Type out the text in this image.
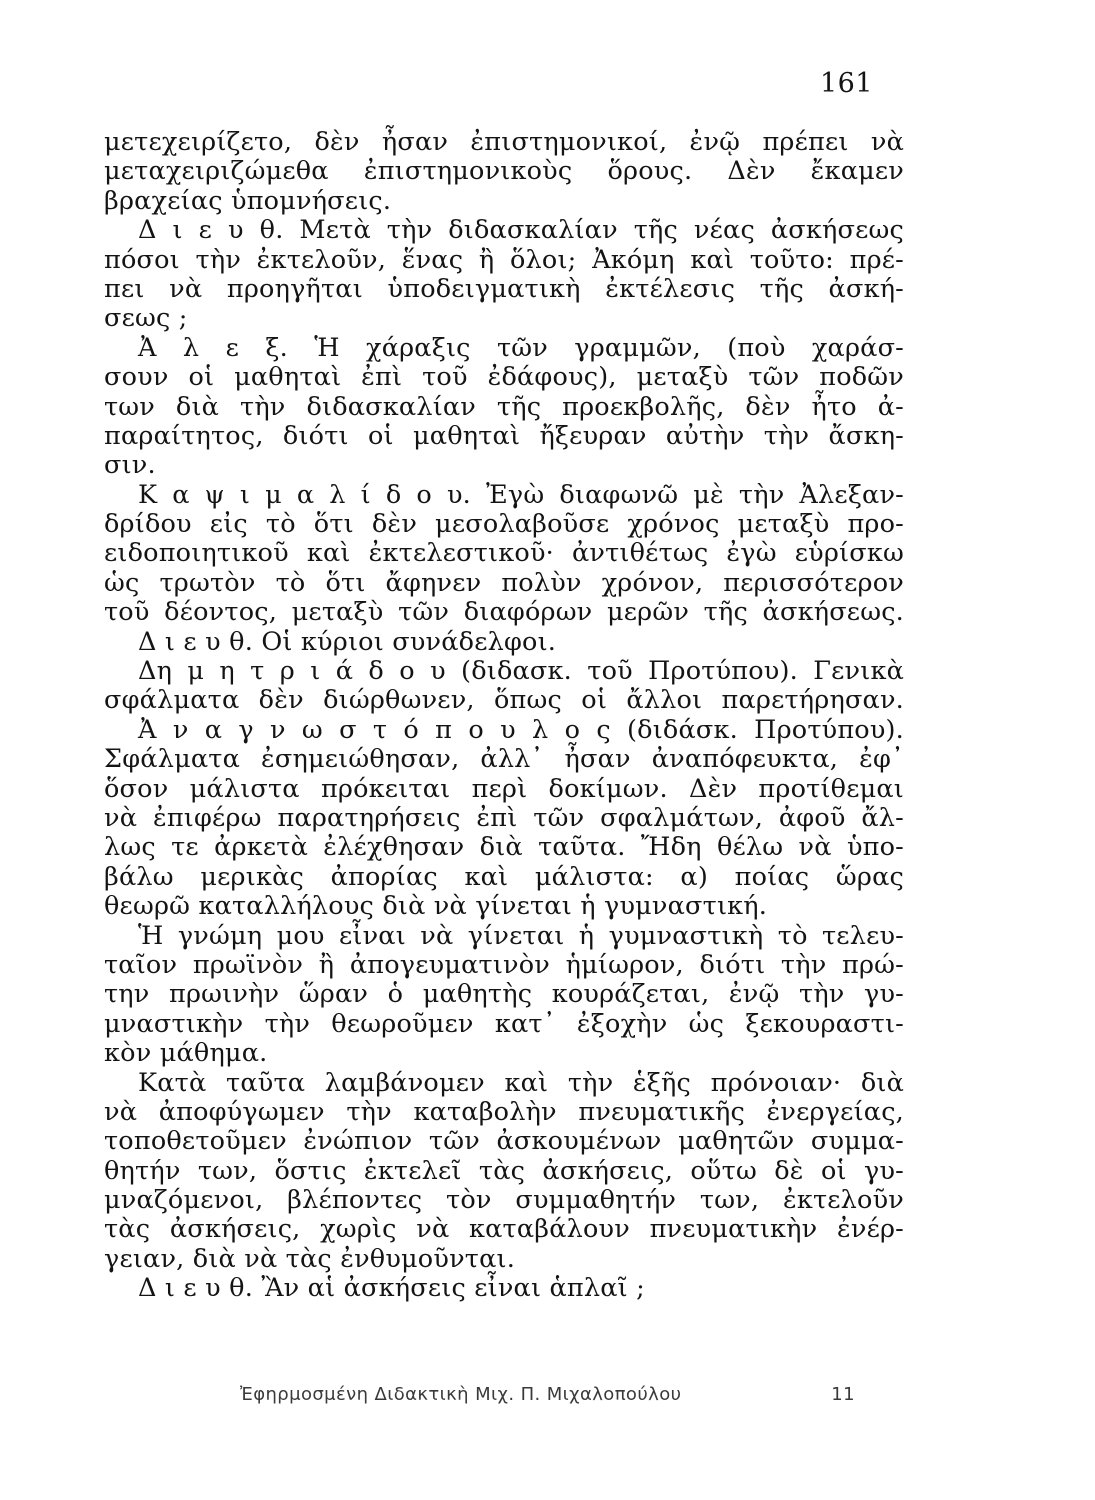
161
μετεχειρίζετο, δὲν ἦσαν ἐπιστημονικοί, ἐνῷ πρέπει νὰ
μεταχειριζώμεθα ἐπιστημονικοὺς ὅρους. Δὲν ἔκαμεν
βραχείας ὑπομνήσεις.
Δ ι ε υ θ. Μετὰ τὴν διδασκαλίαν τῆς νέας ἀσκήσεως
πόσοι τὴν ἐκτελοῦν, ἕνας ἢ ὅλοι; Ἀκόμη καὶ τοῦτο: πρέ-
πει νὰ προηγῆται ὑποδειγματικὴ ἐκτέλεσις τῆς ἀσκή-
σεως ;
Ἀ λ ε ξ. Ἡ χάραξις τῶν γραμμῶν, (ποὺ χαράσ-
σουν οἱ μαθηταὶ ἐπὶ τοῦ ἐδάφους), μεταξὺ τῶν ποδῶν
των διὰ τὴν διδασκαλίαν τῆς προεκβολῆς, δὲν ἦτο ἀ-
παραίτητος, διότι οἱ μαθηταὶ ἤξευραν αὐτὴν τὴν ἄσκη-
σιν.
Κ α ψ ι μ α λ ί δ ο υ. Ἐγὼ διαφωνῶ μὲ τὴν Ἀλεξαν-
δρίδου εἰς τὸ ὅτι δὲν μεσολαβοῦσε χρόνος μεταξὺ προ-
ειδοποιητικοῦ καὶ ἐκτελεστικοῦ· ἀντιθέτως ἐγὼ εὑρίσκω
ὡς τρωτὸν τὸ ὅτι ἄφηνεν πολὺν χρόνον, περισσότερον
τοῦ δέοντος, μεταξὺ τῶν διαφόρων μερῶν τῆς ἀσκήσεως.
Δ ι ε υ θ. Οἱ κύριοι συνάδελφοι.
Δη μ η τ ρ ι ά δ ο υ (διδασκ. τοῦ Προτύπου). Γενικὰ
σφάλματα δὲν διώρθωνεν, ὅπως οἱ ἄλλοι παρετήρησαν.
Ἀ ν α γ ν ω σ τ ό π ο υ λ ο ς (διδάσκ. Προτύπου).
Σφάλματα ἐσημειώθησαν, ἀλλ᾽ ἦσαν ἀναπόφευκτα, ἐφ᾽
ὅσον μάλιστα πρόκειται περὶ δοκίμων. Δὲν προτίθεμαι
νὰ ἐπιφέρω παρατηρήσεις ἐπὶ τῶν σφαλμάτων, ἀφοῦ ἄλ-
λως τε ἀρκετὰ ἐλέχθησαν διὰ ταῦτα. Ἤδη θέλω νὰ ὑπο-
βάλω μερικὰς ἀπορίας καὶ μάλιστα: α) ποίας ὥρας
θεωρῶ καταλλήλους διὰ νὰ γίνεται ἡ γυμναστική.
Ἡ γνώμη μου εἶναι νὰ γίνεται ἡ γυμναστικὴ τὸ τελευ-
ταῖον πρωϊνὸν ἢ ἀπογευματινὸν ἡμίωρον, διότι τὴν πρώ-
την πρωινὴν ὥραν ὁ μαθητὴς κουράζεται, ἐνῷ τὴν γυ-
μναστικὴν τὴν θεωροῦμεν κατ᾽ ἐξοχὴν ὡς ξεκουραστι-
κὸν μάθημα.
Κατὰ ταῦτα λαμβάνομεν καὶ τὴν ἑξῆς πρόνοιαν· διὰ
νὰ ἀποφύγωμεν τὴν καταβολὴν πνευματικῆς ἐνεργείας,
τοποθετοῦμεν ἐνώπιον τῶν ἀσκουμένων μαθητῶν συμμα-
θητήν των, ὅστις ἐκτελεῖ τὰς ἀσκήσεις, οὕτω δὲ οἱ γυ-
μναζόμενοι, βλέποντες τὸν συμμαθητήν των, ἐκτελοῦν
τὰς ἀσκήσεις, χωρὶς νὰ καταβάλουν πνευματικὴν ἐνέρ-
γειαν, διὰ νὰ τὰς ἐνθυμοῦνται.
Δ ι ε υ θ. Ἂν αἱ ἀσκήσεις εἶναι ἁπλαῖ ;
Ἐφηρμοσμένη Διδακτικὴ Μιχ. Π. Μιχαλοπούλου	11
